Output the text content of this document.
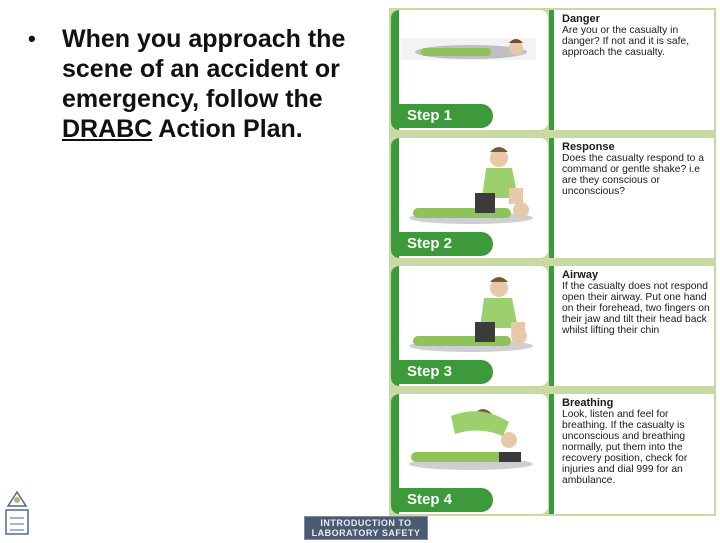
• When you approach the scene of an accident or emergency, follow the DRABC Action Plan.
Danger
Are you or the casualty in danger? If not and it is safe, approach the casualty.
Step 1
Response
Does the casualty respond to a command or gentle shake? i.e are they conscious or unconscious?
Step 2
Airway
If the casualty does not respond open their airway. Put one hand on their forehead, two fingers on their jaw and tilt their head back whilst lifting their chin
Step 3
Breathing
Look, listen and feel for breathing. If the casualty is unconscious and breathing normally, put them into the recovery position, check for injuries and dial 999 for an ambulance.
Step 4
INTRODUCTION TO
LABORATORY SAFETY
